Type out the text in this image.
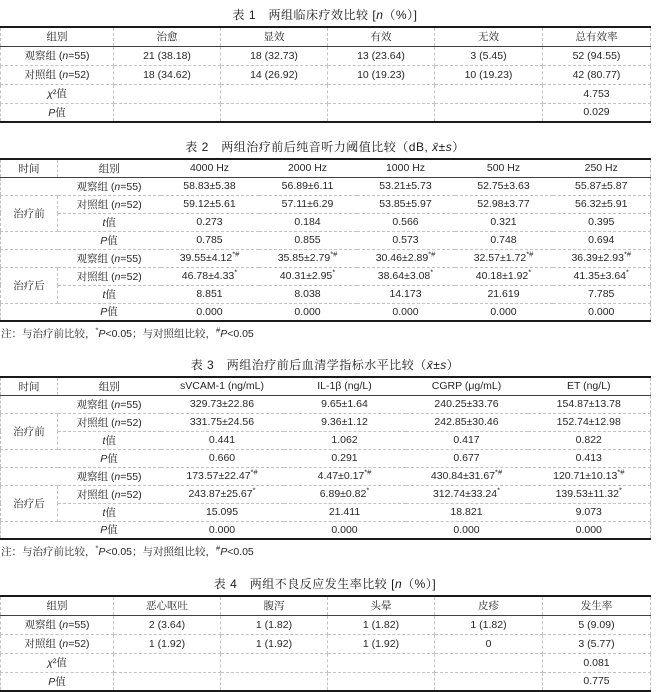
表 1　两组临床疗效比较 [n（%）]
组别	治愈	显效	有效	无效	总有效率
观察组 (n=55)	21 (38.18)	18 (32.73)	13 (23.64)	3 (5.45)	52 (94.55)
对照组 (n=52)	18 (34.62)	14 (26.92)	10 (19.23)	10 (19.23)	42 (80.77)
χ²值					4.753
P值					0.029
表 2　两组治疗前后纯音听力阈值比较（dB, x̄±s）
时间	组别	4000 Hz	2000 Hz	1000 Hz	500 Hz	250 Hz
	观察组 (n=55)	58.83±5.38	56.89±6.11	53.21±5.73	52.75±3.63	55.87±5.87
治疗前	对照组 (n=52)	59.12±5.61	57.11±6.29	53.85±5.97	52.98±3.77	56.32±5.91
	t值	0.273	0.184	0.566	0.321	0.395
	P值	0.785	0.855	0.573	0.748	0.694
	观察组 (n=55)	39.55±4.12*#	35.85±2.79*#	30.46±2.89*#	32.57±1.72*#	36.39±2.93*#
治疗后	对照组 (n=52)	46.78±4.33*	40.31±2.95*	38.64±3.08*	40.18±1.92*	41.35±3.64*
	t值	8.851	8.038	14.173	21.619	7.785
	P值	0.000	0.000	0.000	0.000	0.000
注：与治疗前比较，*P<0.05；与对照组比较，#P<0.05
表 3　两组治疗前后血清学指标水平比较（x̄±s）
时间	组别	sVCAM-1 (ng/mL)	IL-1β (ng/L)	CGRP (μg/mL)	ET (ng/L)
	观察组 (n=55)	329.73±22.86	9.65±1.64	240.25±33.76	154.87±13.78
治疗前	对照组 (n=52)	331.75±24.56	9.36±1.12	242.85±30.46	152.74±12.98
	t值	0.441	1.062	0.417	0.822
	P值	0.660	0.291	0.677	0.413
	观察组 (n=55)	173.57±22.47*#	4.47±0.17*#	430.84±31.67*#	120.71±10.13*#
治疗后	对照组 (n=52)	243.87±25.67*	6.89±0.82*	312.74±33.24*	139.53±11.32*
	t值	15.095	21.411	18.821	9.073
	P值	0.000	0.000	0.000	0.000
注：与治疗前比较，*P<0.05；与对照组比较，#P<0.05
表 4　两组不良反应发生率比较 [n（%）]
组别	恶心呕吐	腹泻	头晕	皮疹	发生率
观察组 (n=55)	2 (3.64)	1 (1.82)	1 (1.82)	1 (1.82)	5 (9.09)
对照组 (n=52)	1 (1.92)	1 (1.92)	1 (1.92)	0	3 (5.77)
χ²值					0.081
P值					0.775
